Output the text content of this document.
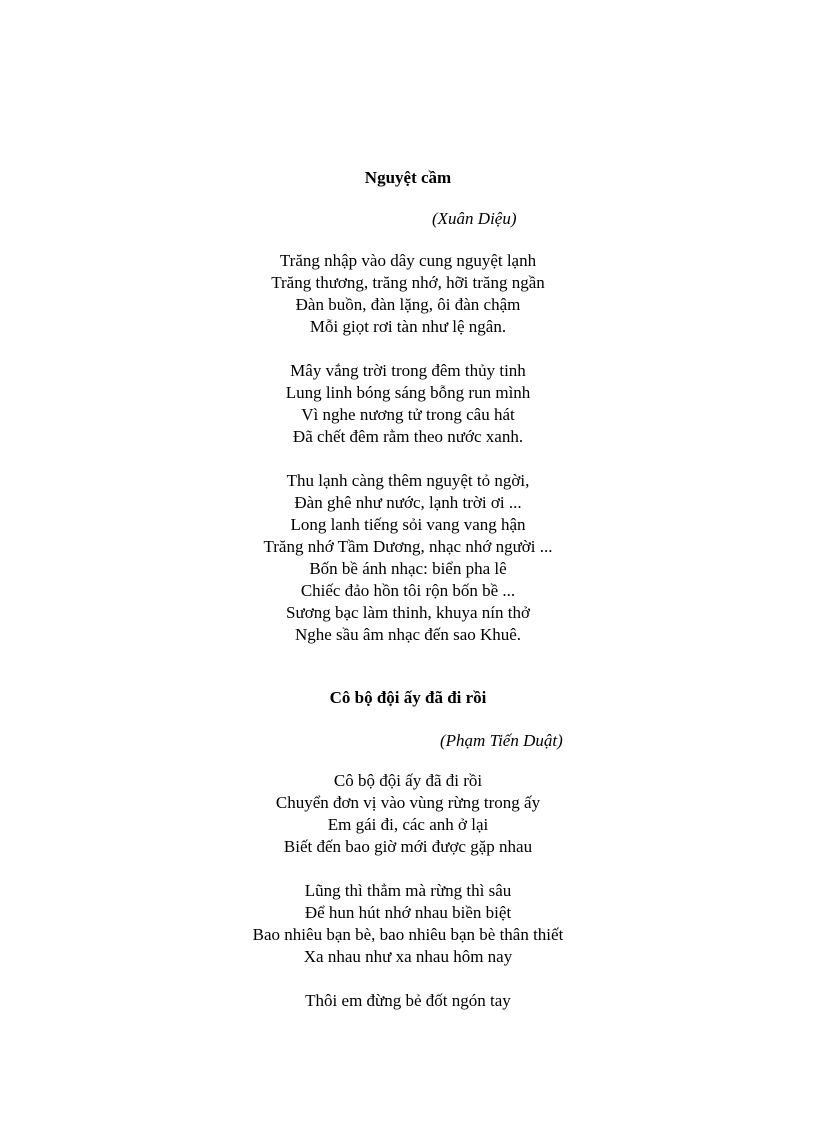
Nguyệt cầm
(Xuân Diệu)
Trăng nhập vào dây cung nguyệt lạnh
Trăng thương, trăng nhớ, hỡi trăng ngần
Đàn buồn, đàn lặng, ôi đàn chậm
Mỗi giọt rơi tàn như lệ ngân.
Mây vắng trời trong đêm thủy tinh
Lung linh bóng sáng bỗng run mình
Vì nghe nương tử trong câu hát
Đã chết đêm rằm theo nước xanh.
Thu lạnh càng thêm nguyệt tỏ ngời,
Đàn ghê như nước, lạnh trời ơi ...
Long lanh tiếng sỏi vang vang hận
Trăng nhớ Tầm Dương, nhạc nhớ người ...
Bốn bề ánh nhạc: biển pha lê
Chiếc đảo hồn tôi rộn bốn bề ...
Sương bạc làm thinh, khuya nín thở
Nghe sầu âm nhạc đến sao Khuê.
Cô bộ đội ấy đã đi rồi
(Phạm Tiến Duật)
Cô bộ đội ấy đã đi rồi
Chuyển đơn vị vào vùng rừng trong ấy
Em gái đi, các anh ở lại
Biết đến bao giờ mới được gặp nhau
Lũng thì thẳm mà rừng thì sâu
Để hun hút nhớ nhau biền biệt
Bao nhiêu bạn bè, bao nhiêu bạn bè thân thiết
Xa nhau như xa nhau hôm nay
Thôi em đừng bẻ đốt ngón tay
